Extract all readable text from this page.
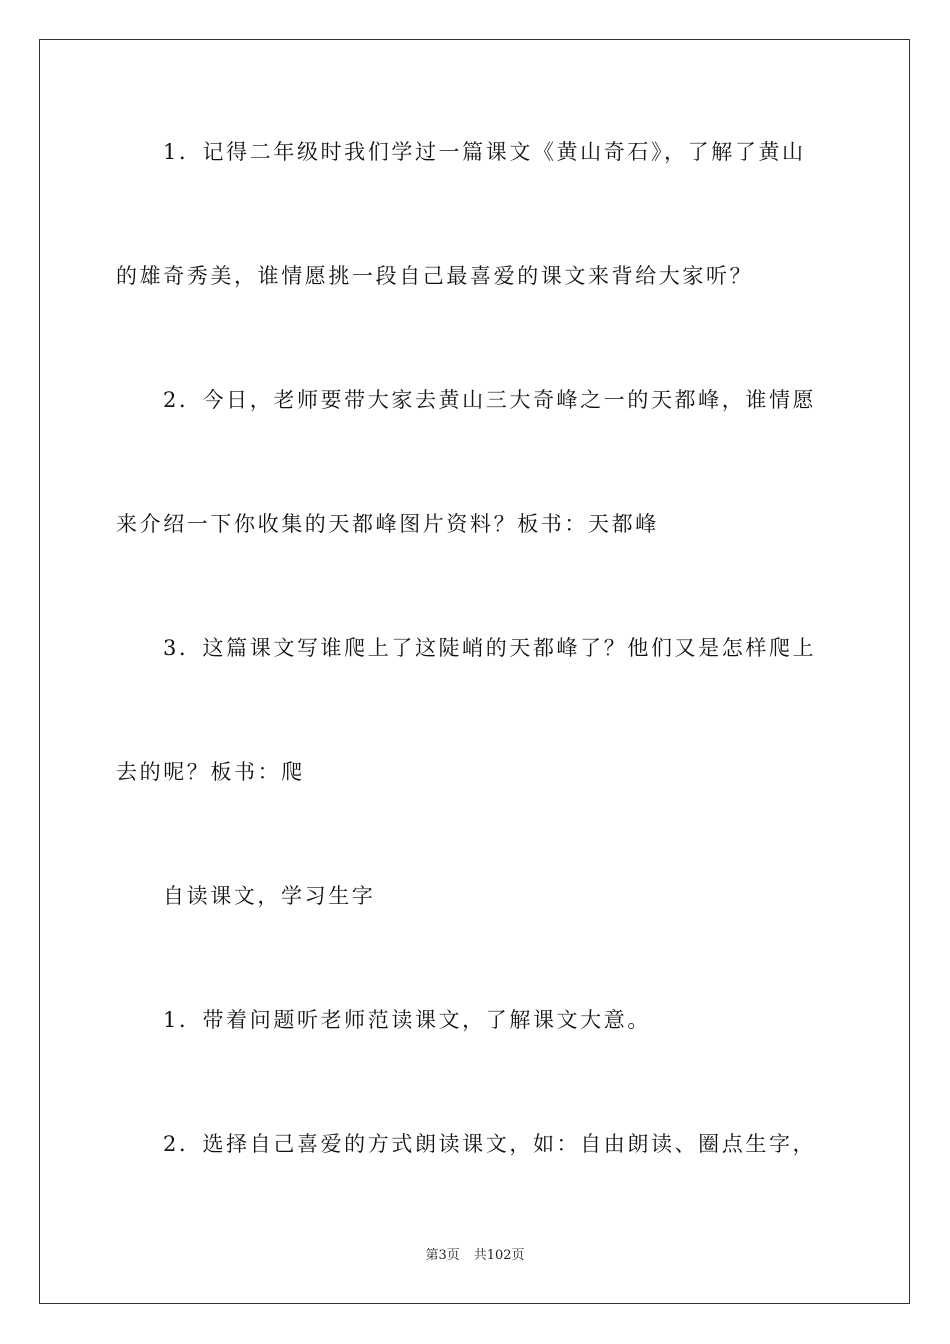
1．记得二年级时我们学过一篇课文《黄山奇石》，了解了黄山
的雄奇秀美，谁情愿挑一段自己最喜爱的课文来背给大家听？
2．今日，老师要带大家去黄山三大奇峰之一的天都峰，谁情愿
来介绍一下你收集的天都峰图片资料？板书：天都峰
3．这篇课文写谁爬上了这陡峭的天都峰了？他们又是怎样爬上
去的呢？板书：爬
自读课文，学习生字
1．带着问题听老师范读课文，了解课文大意。
2．选择自己喜爱的方式朗读课文，如：自由朗读、圈点生字，
第3页 共102页
